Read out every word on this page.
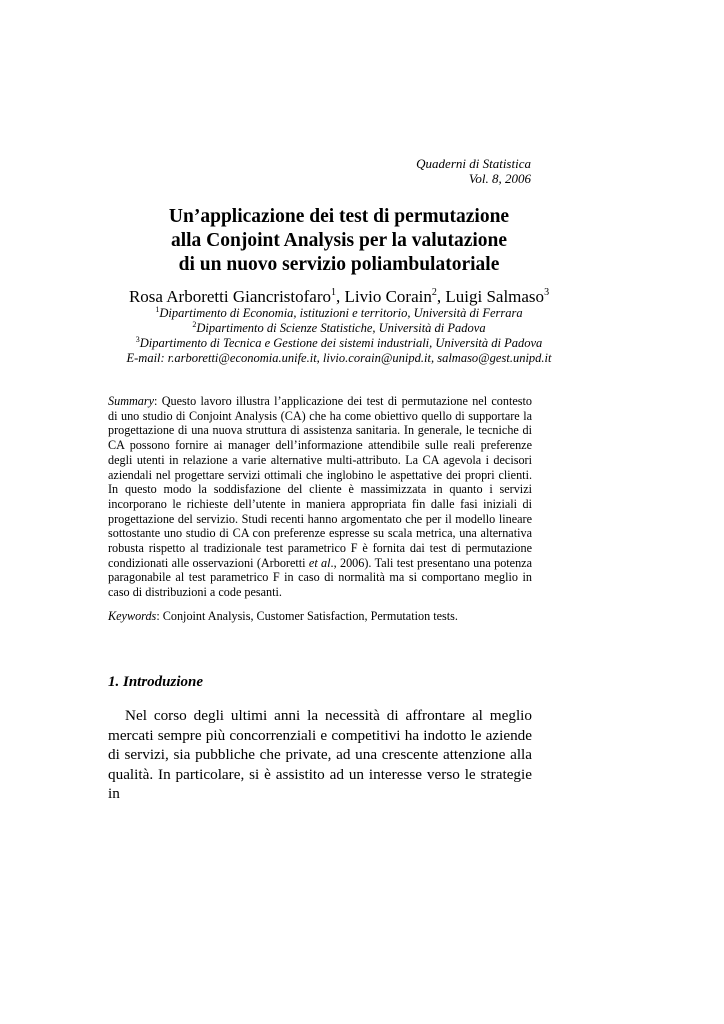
Quaderni di Statistica
Vol. 8, 2006
Un’applicazione dei test di permutazione
alla Conjoint Analysis per la valutazione
di un nuovo servizio poliambulatoriale
Rosa Arboretti Giancristofaro$^1$, Livio Corain$^2$, Luigi Salmaso$^3$
$^1$Dipartimento di Economia, istituzioni e territorio, Università di Ferrara
$^2$Dipartimento di Scienze Statistiche, Università di Padova
$^3$Dipartimento di Tecnica e Gestione dei sistemi industriali, Università di Padova
E-mail: r.arboretti@economia.unife.it, livio.corain@unipd.it, salmaso@gest.unipd.it
Summary: Questo lavoro illustra l’applicazione dei test di permutazione nel contesto di uno studio di Conjoint Analysis (CA) che ha come obiettivo quello di supportare la progettazione di una nuova struttura di assistenza sanitaria. In generale, le tecniche di CA possono fornire ai manager dell’informazione attendibile sulle reali preferenze degli utenti in relazione a varie alternative multi-attributo. La CA agevola i decisori aziendali nel progettare servizi ottimali che inglobino le aspettative dei propri clienti. In questo modo la soddisfazione del cliente è massimizzata in quanto i servizi incorporano le richieste dell’utente in maniera appropriata fin dalle fasi iniziali di progettazione del servizio. Studi recenti hanno argomentato che per il modello lineare sottostante uno studio di CA con preferenze espresse su scala metrica, una alternativa robusta rispetto al tradizionale test parametrico F è fornita dai test di permutazione condizionati alle osservazioni (Arboretti et al., 2006). Tali test presentano una potenza paragonabile al test parametrico F in caso di normalità ma si comportano meglio in caso di distribuzioni a code pesanti.
Keywords: Conjoint Analysis, Customer Satisfaction, Permutation tests.
1. Introduzione
Nel corso degli ultimi anni la necessità di affrontare al meglio mercati sempre più concorrenziali e competitivi ha indotto le aziende di servizi, sia pubbliche che private, ad una crescente attenzione alla qualità. In particolare, si è assistito ad un interesse verso le strategie in
